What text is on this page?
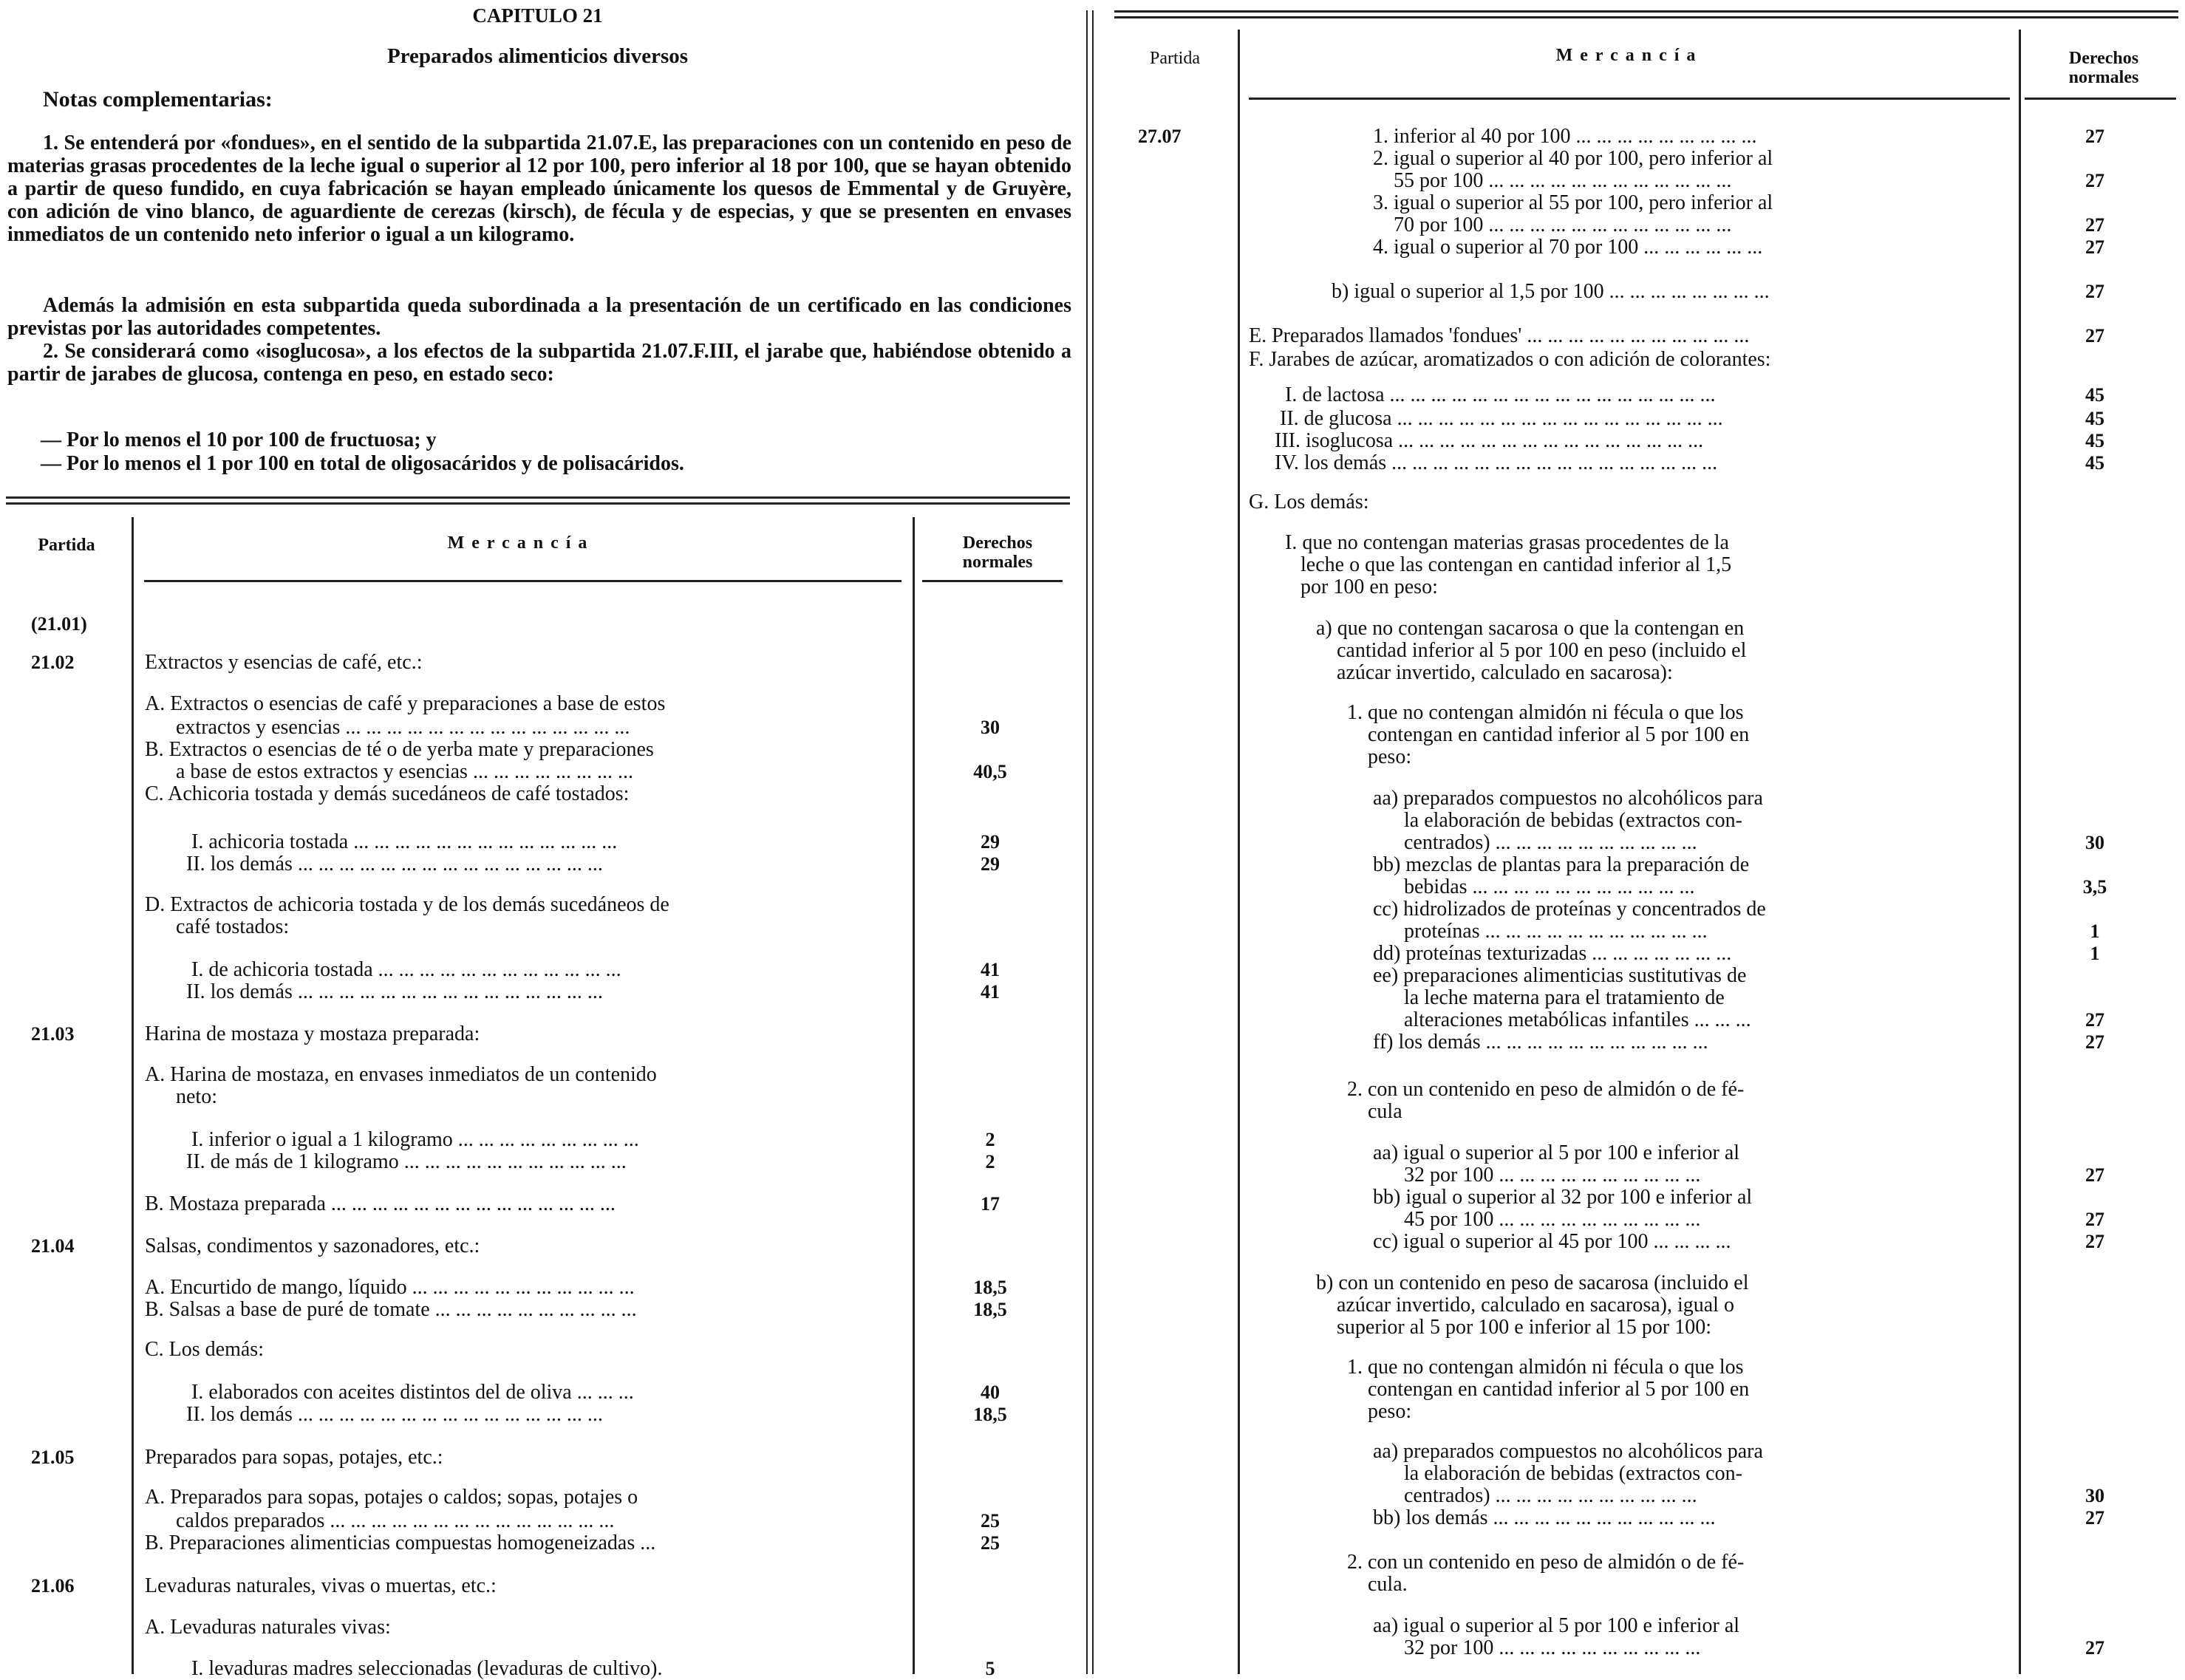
CAPITULO 21
Preparados alimenticios diversos
Notas complementarias:
1. Se entenderá por «fondues», en el sentido de la subpartida 21.07.E, las preparaciones con un contenido en peso de materias grasas procedentes de la leche igual o superior al 12 por 100, pero inferior al 18 por 100, que se hayan obtenido a partir de queso fundido, en cuya fabricación se hayan empleado únicamente los quesos de Emmental y de Gruyère, con adición de vino blanco, de aguardiente de cerezas (kirsch), de fécula y de especias, y que se presenten en envases inmediatos de un contenido neto inferior o igual a un kilogramo.
Además la admisión en esta subpartida queda subordinada a la presentación de un certificado en las condiciones previstas por las autoridades competentes.
2. Se considerará como «isoglucosa», a los efectos de la subpartida 21.07.F.III, el jarabe que, habiéndose obtenido a partir de jarabes de glucosa, contenga en peso, en estado seco:
— Por lo menos el 10 por 100 de fructuosa; y
— Por lo menos el 1 por 100 en total de oligosacáridos y de polisacáridos.
Partida	Mercancía	Derechos
normales
(21.01)
21.02	Extractos y esencias de café, etc.:
A. Extractos o esencias de café y preparaciones a base de estos
extractos y esencias ... ... ... ... ... ... ... ... ... ... ... ... ... ...	30
B. Extractos o esencias de té o de yerba mate y preparaciones
a base de estos extractos y esencias ... ... ... ... ... ... ... ...	40,5
C. Achicoria tostada y demás sucedáneos de café tostados:
I. achicoria tostada ... ... ... ... ... ... ... ... ... ... ... ... ...	29
II. los demás ... ... ... ... ... ... ... ... ... ... ... ... ... ... ...	29
D. Extractos de achicoria tostada y de los demás sucedáneos de
café tostados:
I. de achicoria tostada ... ... ... ... ... ... ... ... ... ... ... ...	41
II. los demás ... ... ... ... ... ... ... ... ... ... ... ... ... ... ...	41
21.03	Harina de mostaza y mostaza preparada:
A. Harina de mostaza, en envases inmediatos de un contenido
neto:
I. inferior o igual a 1 kilogramo ... ... ... ... ... ... ... ... ...	2
II. de más de 1 kilogramo ... ... ... ... ... ... ... ... ... ... ...	2
B. Mostaza preparada ... ... ... ... ... ... ... ... ... ... ... ... ... ...	17
21.04	Salsas, condimentos y sazonadores, etc.:
A. Encurtido de mango, líquido ... ... ... ... ... ... ... ... ... ... ...	18,5
B. Salsas a base de puré de tomate ... ... ... ... ... ... ... ... ... ...	18,5
C. Los demás:
I. elaborados con aceites distintos del de oliva ... ... ...	40
II. los demás ... ... ... ... ... ... ... ... ... ... ... ... ... ... ...	18,5
21.05	Preparados para sopas, potajes, etc.:
A. Preparados para sopas, potajes o caldos; sopas, potajes o
caldos preparados ... ... ... ... ... ... ... ... ... ... ... ... ... ...	25
B. Preparaciones alimenticias compuestas homogeneizadas ...	25
21.06	Levaduras naturales, vivas o muertas, etc.:
A. Levaduras naturales vivas:
I. levaduras madres seleccionadas (levaduras de cultivo).	5
Partida	Mercancía	Derechos
normales
27.07	1. inferior al 40 por 100 ... ... ... ... ... ... ... ... ...	27
2. igual o superior al 40 por 100, pero inferior al
55 por 100 ... ... ... ... ... ... ... ... ... ... ... ...	27
3. igual o superior al 55 por 100, pero inferior al
70 por 100 ... ... ... ... ... ... ... ... ... ... ... ...	27
4. igual o superior al 70 por 100 ... ... ... ... ... ...	27
b) igual o superior al 1,5 por 100 ... ... ... ... ... ... ... ...	27
E. Preparados llamados 'fondues' ... ... ... ... ... ... ... ... ... ... ...	27
F. Jarabes de azúcar, aromatizados o con adición de colorantes:
I. de lactosa ... ... ... ... ... ... ... ... ... ... ... ... ... ... ... ...	45
II. de glucosa ... ... ... ... ... ... ... ... ... ... ... ... ... ... ... ...	45
III. isoglucosa ... ... ... ... ... ... ... ... ... ... ... ... ... ... ...	45
IV. los demás ... ... ... ... ... ... ... ... ... ... ... ... ... ... ... ...	45
G. Los demás:
I. que no contengan materias grasas procedentes de la
leche o que las contengan en cantidad inferior al 1,5
por 100 en peso:
a) que no contengan sacarosa o que la contengan en
cantidad inferior al 5 por 100 en peso (incluido el
azúcar invertido, calculado en sacarosa):
1. que no contengan almidón ni fécula o que los
contengan en cantidad inferior al 5 por 100 en
peso:
aa) preparados compuestos no alcohólicos para
la elaboración de bebidas (extractos con-
centrados) ... ... ... ... ... ... ... ... ... ...	30
bb) mezclas de plantas para la preparación de
bebidas ... ... ... ... ... ... ... ... ... ... ...	3,5
cc) hidrolizados de proteínas y concentrados de
proteínas ... ... ... ... ... ... ... ... ... ... ...	1
dd) proteínas texturizadas ... ... ... ... ... ... ...	1
ee) preparaciones alimenticias sustitutivas de
la leche materna para el tratamiento de
alteraciones metabólicas infantiles ... ... ...	27
ff) los demás ... ... ... ... ... ... ... ... ... ... ...	27
2. con un contenido en peso de almidón o de fé-
cula
aa) igual o superior al 5 por 100 e inferior al
32 por 100 ... ... ... ... ... ... ... ... ... ...	27
bb) igual o superior al 32 por 100 e inferior al
45 por 100 ... ... ... ... ... ... ... ... ... ...	27
cc) igual o superior al 45 por 100 ... ... ... ...	27
b) con un contenido en peso de sacarosa (incluido el
azúcar invertido, calculado en sacarosa), igual o
superior al 5 por 100 e inferior al 15 por 100:
1. que no contengan almidón ni fécula o que los
contengan en cantidad inferior al 5 por 100 en
peso:
aa) preparados compuestos no alcohólicos para
la elaboración de bebidas (extractos con-
centrados) ... ... ... ... ... ... ... ... ... ...	30
bb) los demás ... ... ... ... ... ... ... ... ... ... ...	27
2. con un contenido en peso de almidón o de fé-
cula.
aa) igual o superior al 5 por 100 e inferior al
32 por 100 ... ... ... ... ... ... ... ... ... ...	27
